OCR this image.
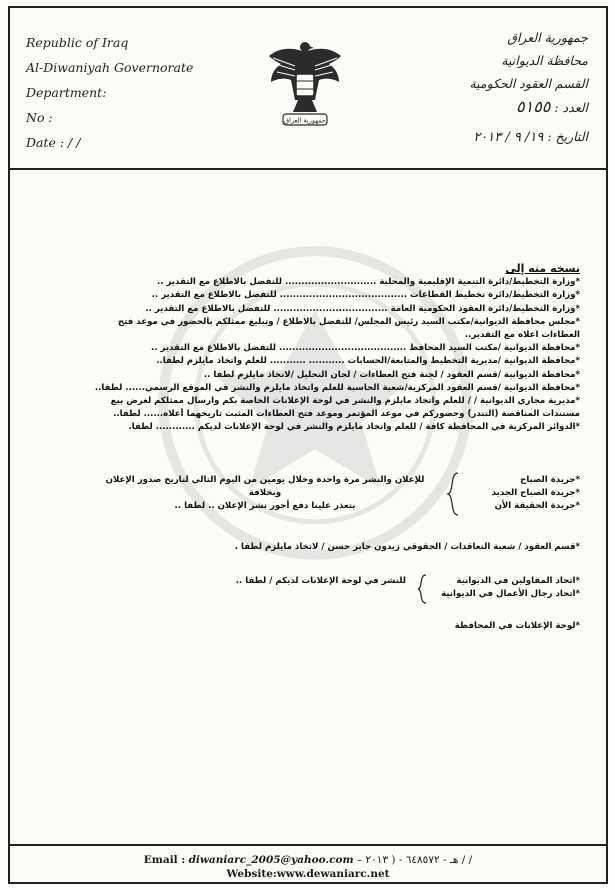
Republic of Iraq
Al-Diwaniyah Governorate
Department:
No :
Date : / /
جمهورية العراق
جمهورية العراق
محافظة الديوانية
القسم العقود الحكومية
العدد : ٥١٥٥
التاريخ : ١٩/ ٩ / ٢٠١٣
نسخه منه إلى
*وزارة التخطيط/دائرة التنمية الإقليمية والمحلية ............................ للتفضل بالاطلاع مع التقدير ..
*وزارة التخطيط/دائرة تخطيط القطاعات ....................................... للتفضل بالاطلاع مع التقدير ..
*وزارة التخطيط/دائرة العقود الحكومية العامة ................................... للتفضل بالاطلاع مع التقدير ..
*مجلس محافظة الديوانية/مكتب السيد رئيس المجلس/ للتفضل بالاطلاع / وتبليغ ممثلكم بالحضور في موعد فتح
العطاءات اعلاه مع التقدير..
*محافظة الديوانية /مكتب السيد المحافظ ....................................... للتفضل بالاطلاع مع التقدير ..
*محافظة الديوانية /مديرية التخطيط والمتابعة/الحسابات ........... ........... للعلم واتخاذ مايلزم لطفا..
*محافظة الديوانية /قسم العقود / لجنة فتح العطاءات / لجان التحليل /لاتخاذ مايلزم لطفا ..
*محافظة الديوانية /قسم العقود المركزية/شعبة الحاسبة للعلم واتخاذ مايلزم والنشر في الموقع الرسمي...... لطفا..
*مديرية مجاري الديوانية / / للعلم واتخاذ مايلزم والنشر في لوحة الإعلانات الخاصة بكم وارسال ممثلكم لغرض بيع
مستندات المناقصة (التندر) وحضوركم في موعد المؤتمر وموعد فتح العطاءات المثبت تاريخهما أعلاه...... لطفا..
*الدوائر المركزية في المحافظة كافة / للعلم واتخاذ مايلزم والنشر في لوحة الإعلانات لديكم ............ لطفا.
*جريدة الصباح
*جريدة الصباح الجديد
*جريدة الحقيقة الأن
للإعلان والنشر مرة واحدة وخلال يومين من اليوم التالي لتاريخ صدور الإعلان وبخلافة
يتعذر علينا دفع أجور نشر الإعلان .. لطفا ..
*قسم العقود / شعبة التعاقدات / الحقوقي زيدون جابر حسن / لاتخاذ مايلزم لطفا .
*اتحاد المقاولين في الديوانية
*اتحاد رجال الأعمال في الديوانية
للنشر في لوحة الإعلانات لديكم / لطفا ..
*لوحة الإعلانات في المحافظة
Email : diwaniarc_2005@yahoo.com – هـ - ٦٤٨٥٧٢ - ( ٢٠١٣ / /
Website:www.dewaniarc.net
